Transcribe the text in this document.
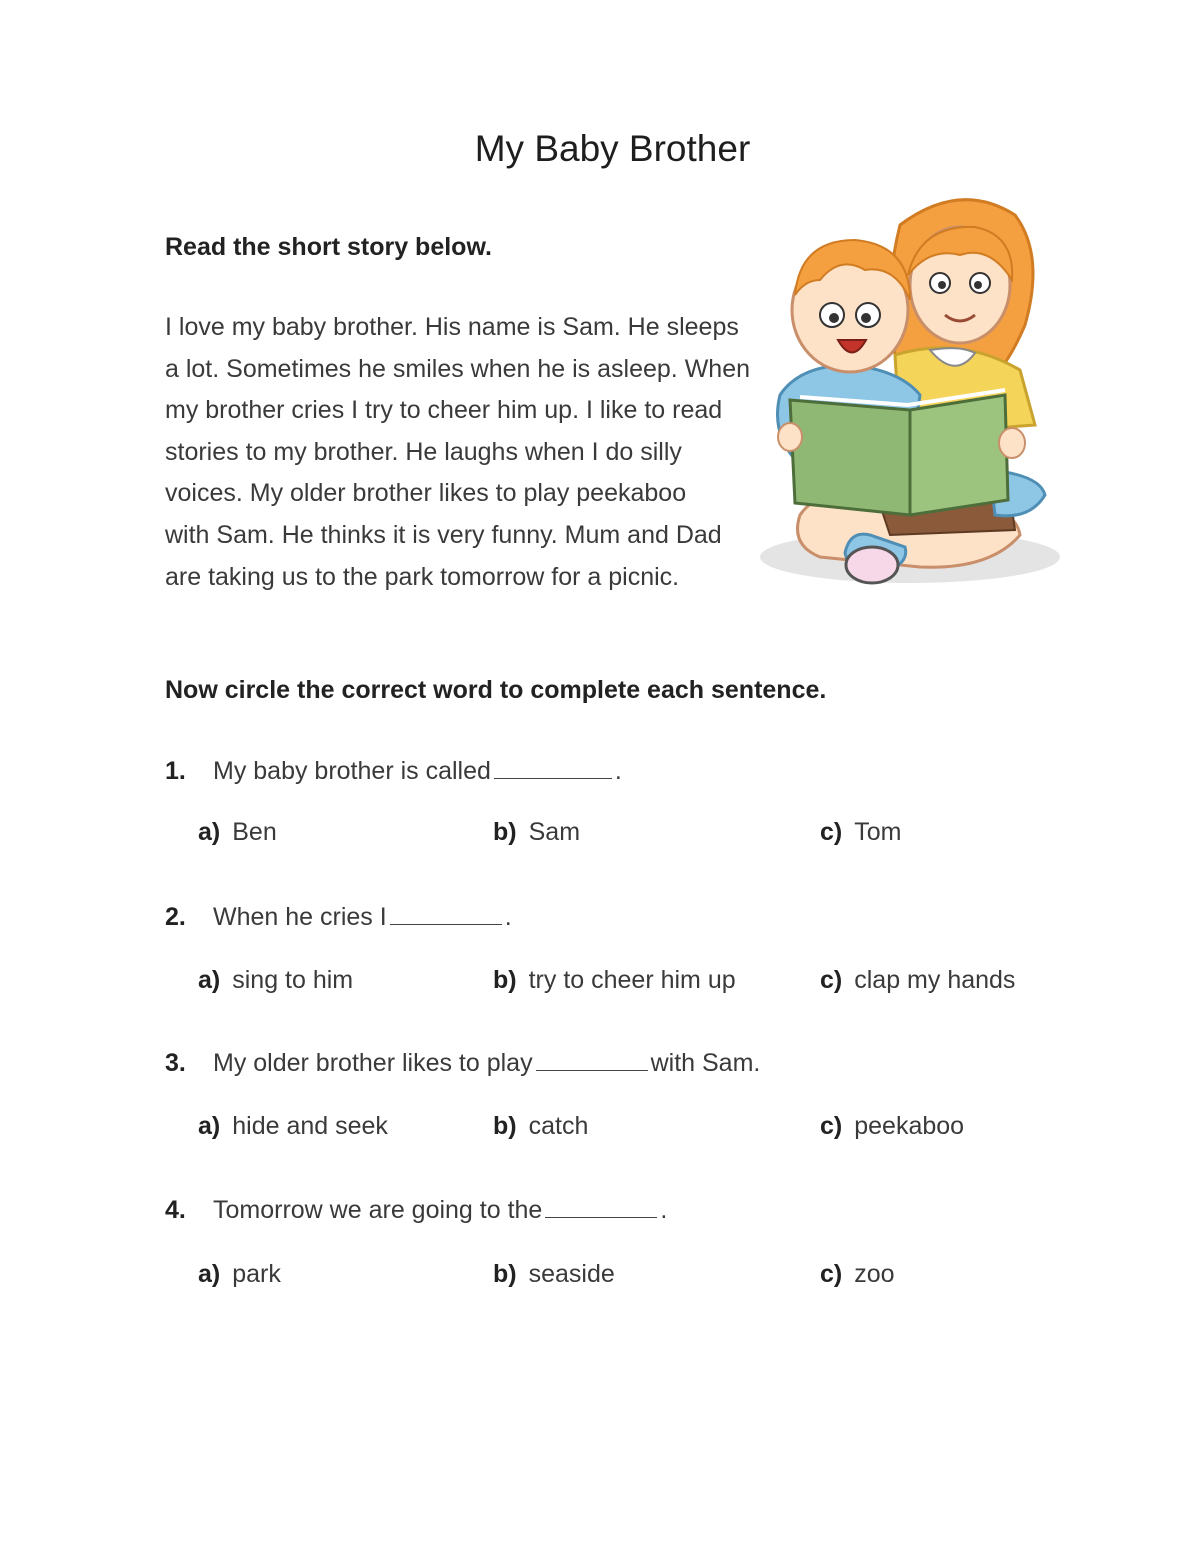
My Baby Brother
Read the short story below.
I love my baby brother. His name is Sam. He sleeps
a lot. Sometimes he smiles when he is asleep. When
my brother cries I try to cheer him up. I like to read
stories to my brother. He laughs when I do silly
voices. My older brother likes to play peekaboo
with Sam. He thinks it is very funny. Mum and Dad
are taking us to the park tomorrow for a picnic.
Now circle the correct word to complete each sentence.
1. My baby brother is called	.
a) Ben	b) Sam	c) Tom
2. When he cries I	.
a) sing to him	b) try to cheer him up	c) clap my hands
3. My older brother likes to play	with Sam.
a) hide and seek	b) catch	c) peekaboo
4. Tomorrow we are going to the	.
a) park	b) seaside	c) zoo
